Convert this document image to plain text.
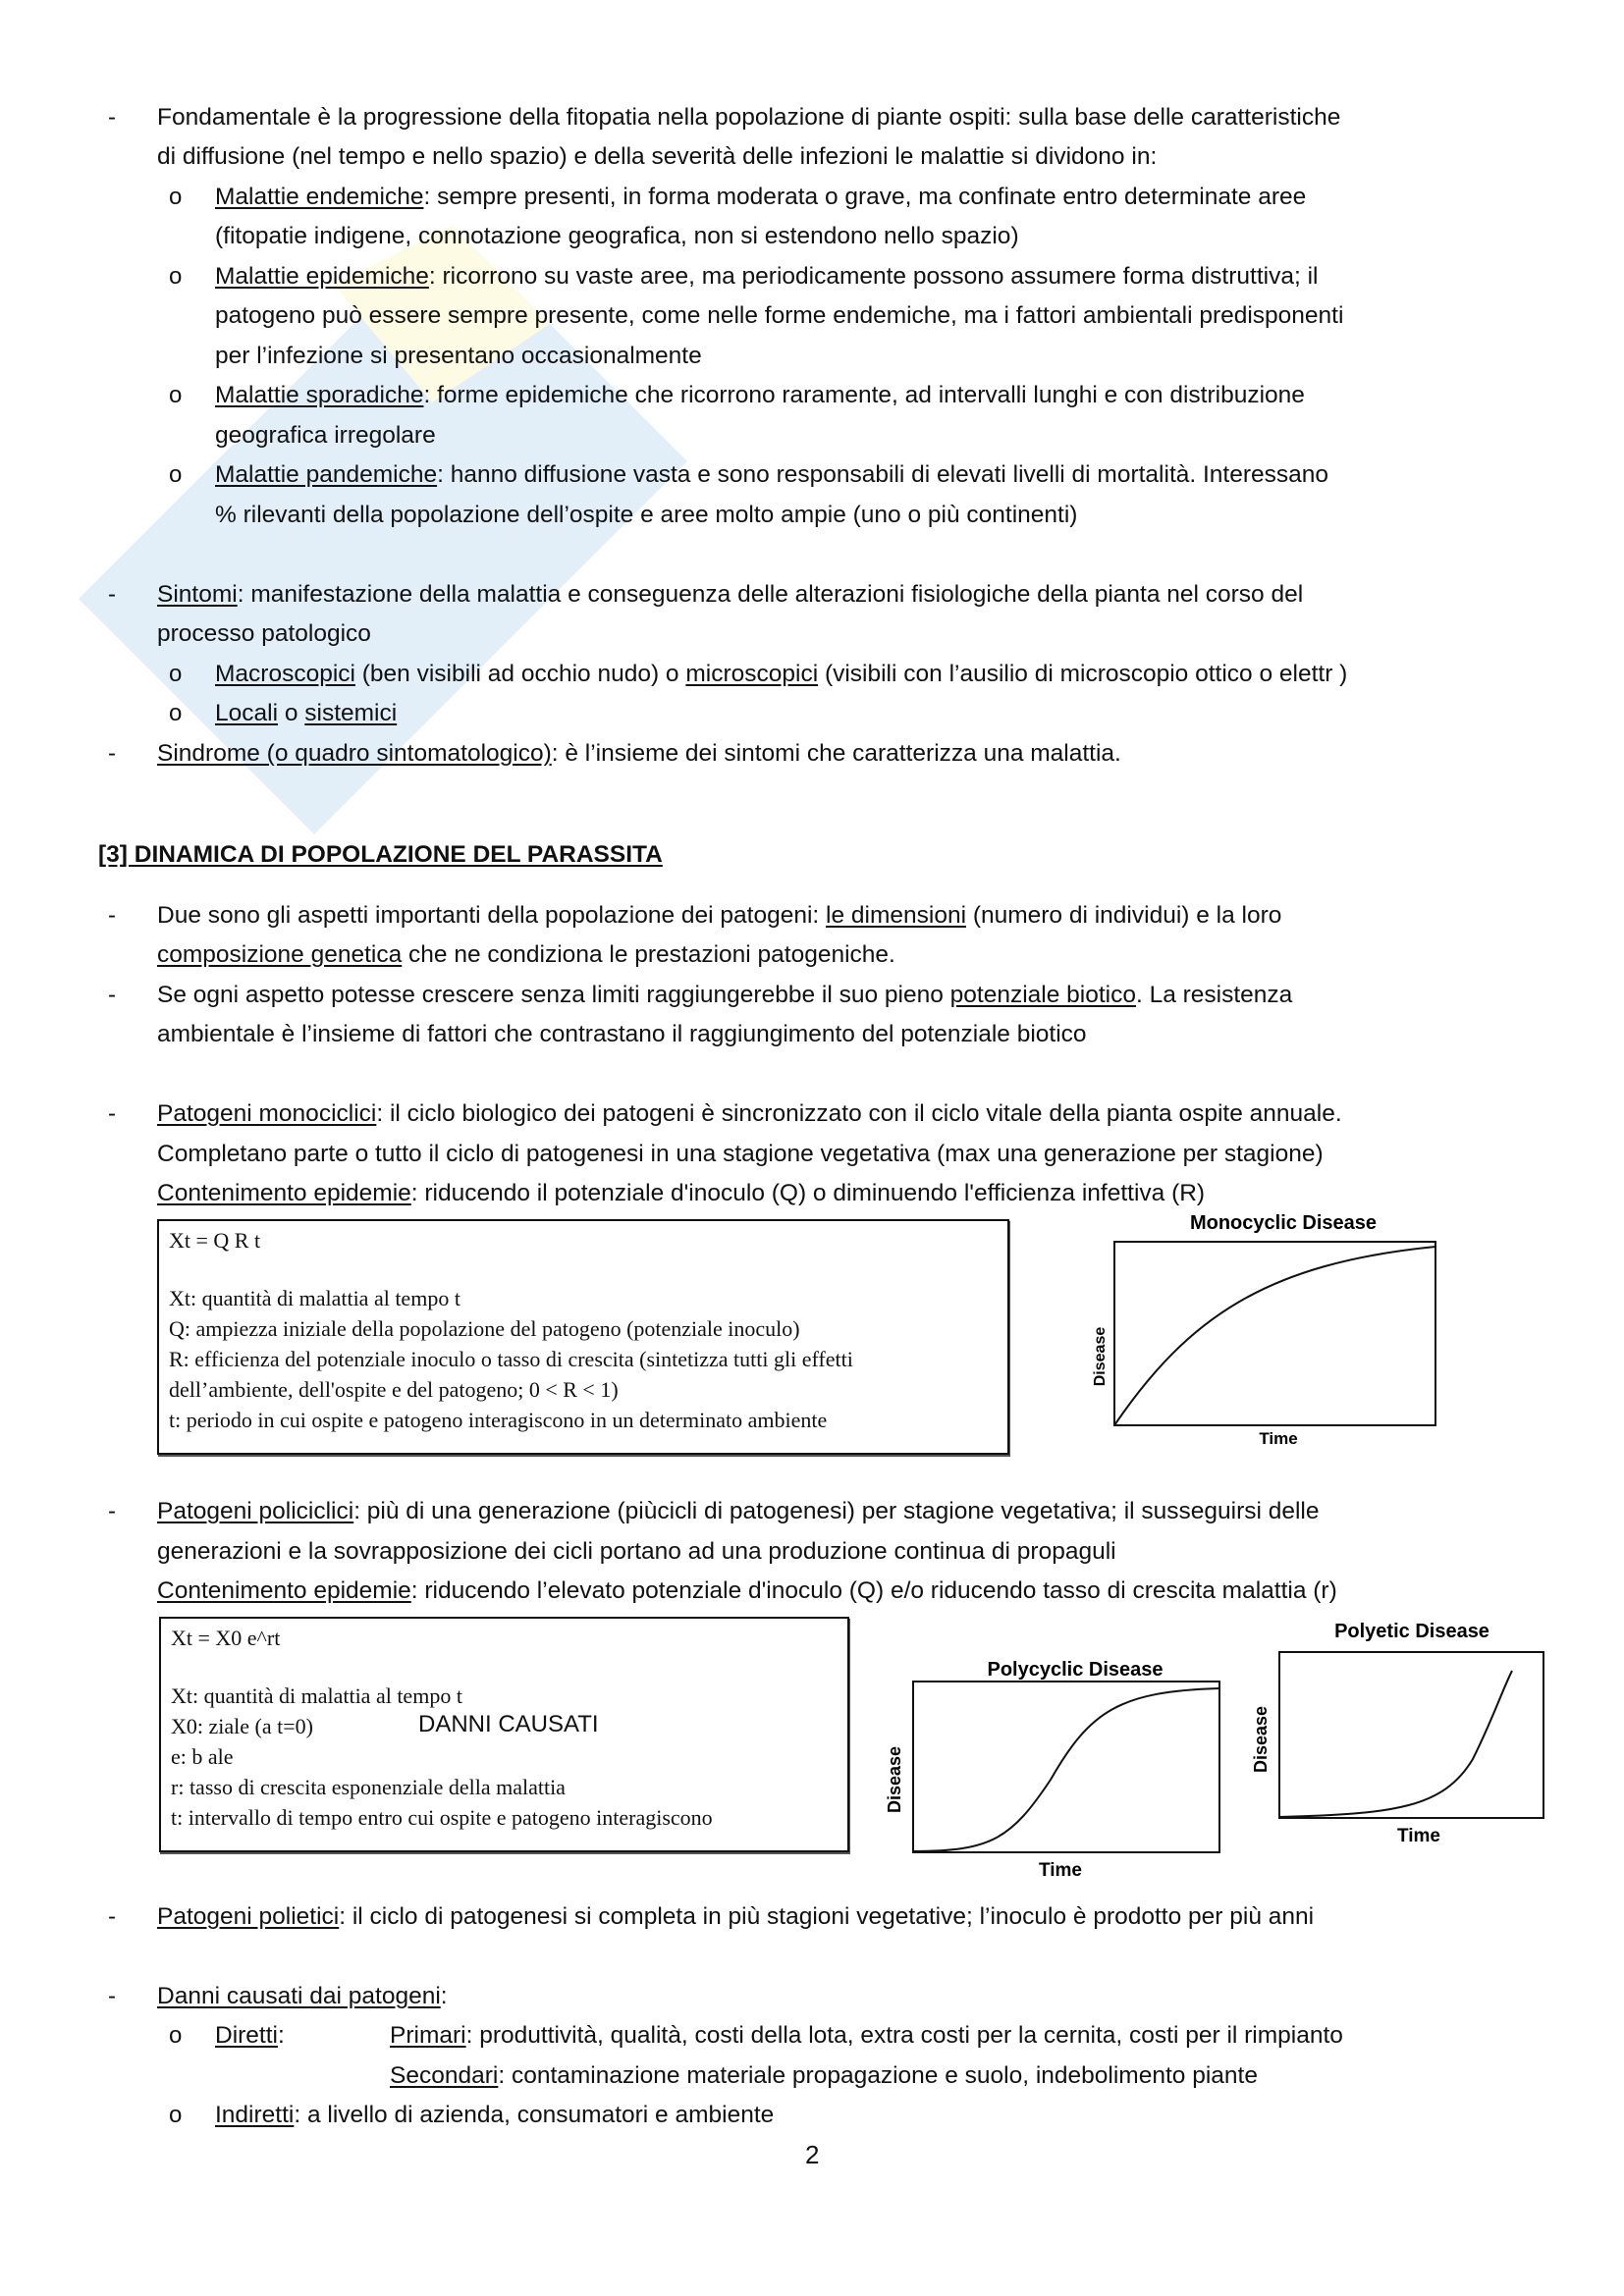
- Fondamentale è la progressione della fitopatia nella popolazione di piante ospiti: sulla base delle caratteristiche
di diffusione (nel tempo e nello spazio) e della severità delle infezioni le malattie si dividono in:
o Malattie endemiche: sempre presenti, in forma moderata o grave, ma confinate entro determinate aree
(fitopatie indigene, connotazione geografica, non si estendono nello spazio)
o Malattie epidemiche: ricorrono su vaste aree, ma periodicamente possono assumere forma distruttiva; il
patogeno può essere sempre presente, come nelle forme endemiche, ma i fattori ambientali predisponenti
per l’infezione si presentano occasionalmente
o Malattie sporadiche: forme epidemiche che ricorrono raramente, ad intervalli lunghi e con distribuzione
geografica irregolare
o Malattie pandemiche: hanno diffusione vasta e sono responsabili di elevati livelli di mortalità. Interessano
% rilevanti della popolazione dell’ospite e aree molto ampie (uno o più continenti)
- Sintomi: manifestazione della malattia e conseguenza delle alterazioni fisiologiche della pianta nel corso del
processo patologico
o Macroscopici (ben visibili ad occhio nudo) o microscopici (visibili con l’ausilio di microscopio ottico o elettr )
o Locali o sistemici
- Sindrome (o quadro sintomatologico): è l’insieme dei sintomi che caratterizza una malattia.
[3] DINAMICA DI POPOLAZIONE DEL PARASSITA
- Due sono gli aspetti importanti della popolazione dei patogeni: le dimensioni (numero di individui) e la loro
composizione genetica che ne condiziona le prestazioni patogeniche.
- Se ogni aspetto potesse crescere senza limiti raggiungerebbe il suo pieno potenziale biotico. La resistenza
ambientale è l’insieme di fattori che contrastano il raggiungimento del potenziale biotico
- Patogeni monociclici: il ciclo biologico dei patogeni è sincronizzato con il ciclo vitale della pianta ospite annuale.
Completano parte o tutto il ciclo di patogenesi in una stagione vegetativa (max una generazione per stagione)
Contenimento epidemie: riducendo il potenziale d'inoculo (Q) o diminuendo l'efficienza infettiva (R)
- Patogeni policiclici: più di una generazione (piùcicli di patogenesi) per stagione vegetativa; il susseguirsi delle
generazioni e la sovrapposizione dei cicli portano ad una produzione continua di propaguli
Contenimento epidemie: riducendo l’elevato potenziale d'inoculo (Q) e/o riducendo tasso di crescita malattia (r)
- Patogeni polietici: il ciclo di patogenesi si completa in più stagioni vegetative; l’inoculo è prodotto per più anni
- Danni causati dai patogeni:
o Diretti:	Primari: produttività, qualità, costi della lota, extra costi per la cernita, costi per il rimpianto
Secondari: contaminazione materiale propagazione e suolo, indebolimento piante
o Indiretti: a livello di azienda, consumatori e ambiente
Xt = Q R t
Xt: quantità di malattia al tempo t
Q: ampiezza iniziale della popolazione del patogeno (potenziale inoculo)
R: efficienza del potenziale inoculo o tasso di crescita (sintetizza tutti gli effetti
dell’ambiente, dell'ospite e del patogeno; 0 < R < 1)
t: periodo in cui ospite e patogeno interagiscono in un determinato ambiente
Xt = X0 e^rt
Xt: quantità di malattia al tempo t
X0: ziale (a t=0)
e: b ale
r: tasso di crescita esponenziale della malattia
t: intervallo di tempo entro cui ospite e patogeno interagiscono
DANNI CAUSATI
Monocyclic Disease
Disease
Time
Polycyclic Disease
Disease
Time
Polyetic Disease
Disease
Time
2
